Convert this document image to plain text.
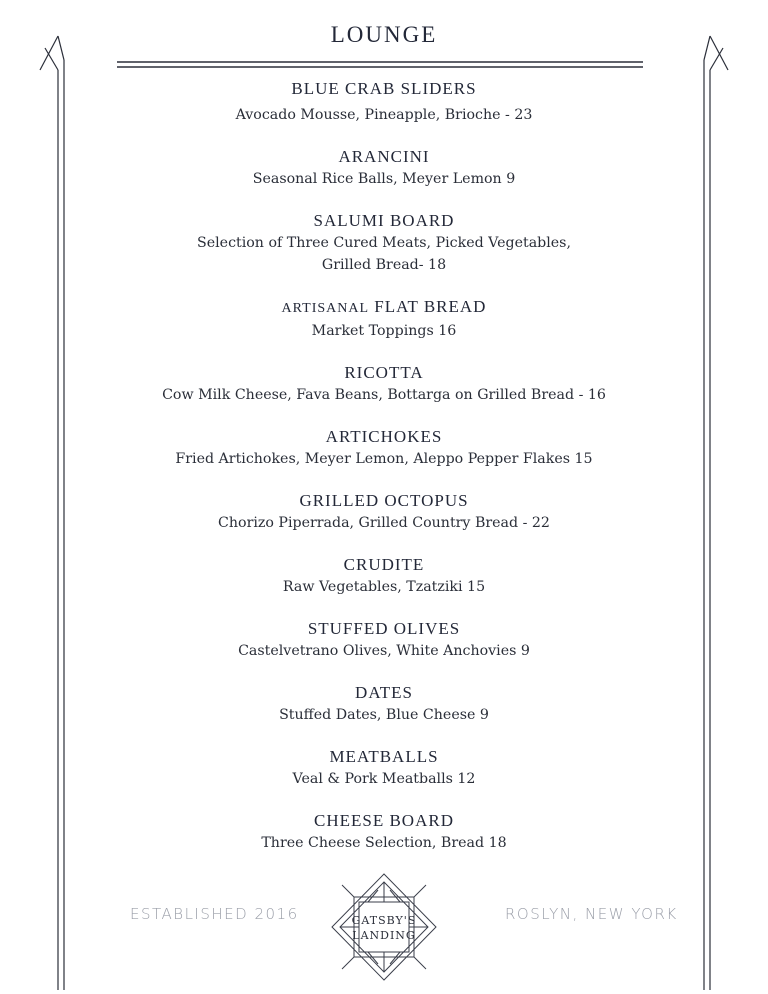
LOUNGE
BLUE CRAB SLIDERS
Avocado Mousse, Pineapple, Brioche - 23
ARANCINI
Seasonal Rice Balls, Meyer Lemon 9
SALUMI BOARD
Selection of Three Cured Meats, Picked Vegetables,
Grilled Bread- 18
ARTISANAL FLAT BREAD
Market Toppings 16
RICOTTA
Cow Milk Cheese, Fava Beans, Bottarga on Grilled Bread - 16
ARTICHOKES
Fried Artichokes, Meyer Lemon, Aleppo Pepper Flakes 15
GRILLED OCTOPUS
Chorizo Piperrada, Grilled Country Bread - 22
CRUDITE
Raw Vegetables, Tzatziki 15
STUFFED OLIVES
Castelvetrano Olives, White Anchovies 9
DATES
Stuffed Dates, Blue Cheese 9
MEATBALLS
Veal & Pork Meatballs 12
CHEESE BOARD
Three Cheese Selection, Bread 18
ESTABLISHED 2016	ROSLYN, NEW YORK
GATSBY'S
LANDING
